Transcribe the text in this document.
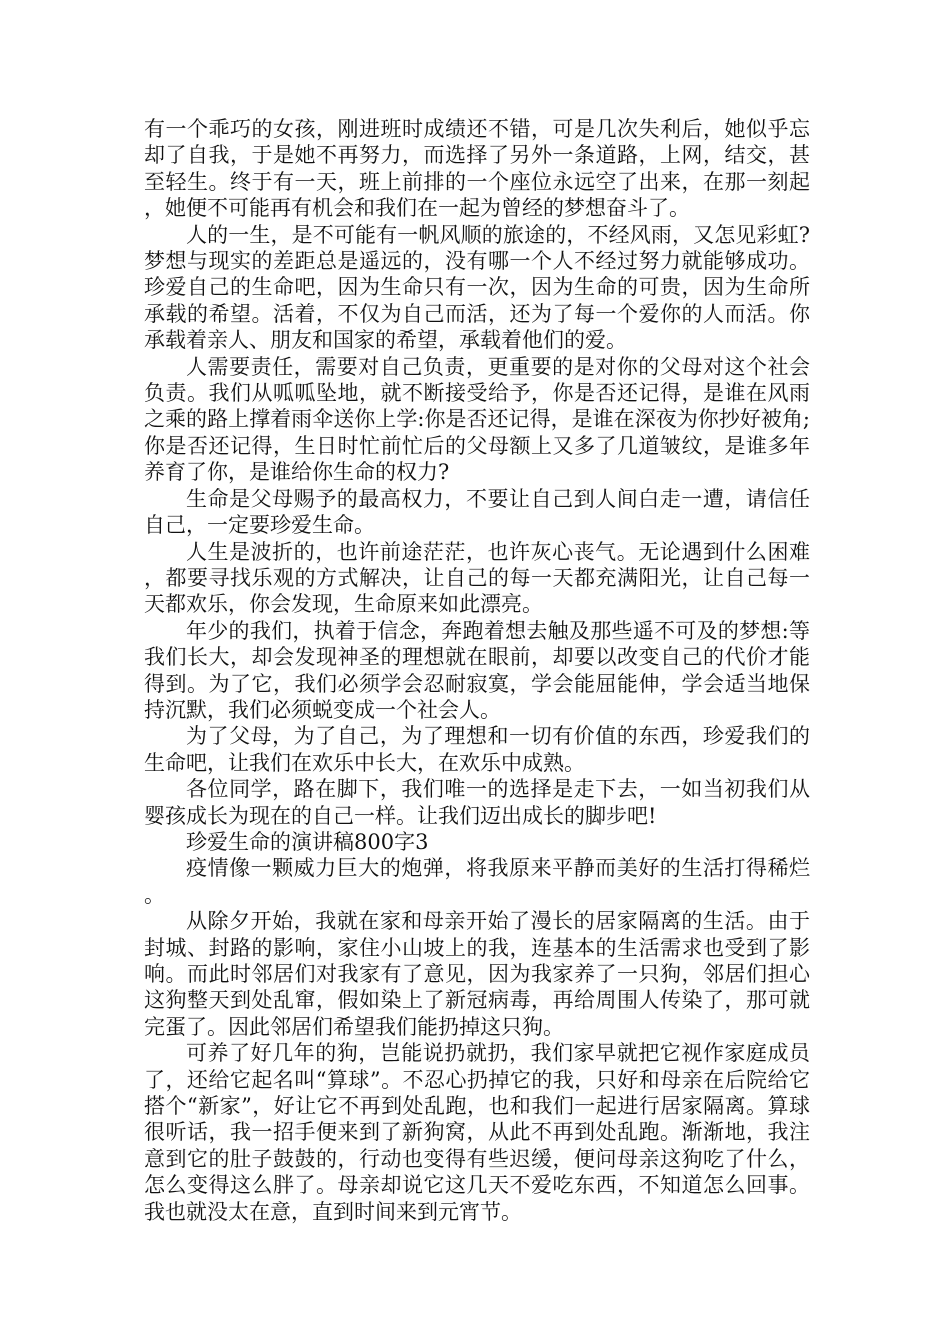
有一个乖巧的女孩，刚进班时成绩还不错，可是几次失利后，她似乎忘却了自我，于是她不再努力，而选择了另外一条道路，上网，结交，甚至轻生。终于有一天，班上前排的一个座位永远空了出来，在那一刻起，她便不可能再有机会和我们在一起为曾经的梦想奋斗了。

人的一生，是不可能有一帆风顺的旅途的，不经风雨，又怎见彩虹?梦想与现实的差距总是遥远的，没有哪一个人不经过努力就能够成功。珍爱自己的生命吧，因为生命只有一次，因为生命的可贵，因为生命所承载的希望。活着，不仅为自己而活，还为了每一个爱你的人而活。你承载着亲人、朋友和国家的希望，承载着他们的爱。

人需要责任，需要对自己负责，更重要的是对你的父母对这个社会负责。我们从呱呱坠地，就不断接受给予，你是否还记得，是谁在风雨之乘的路上撑着雨伞送你上学:你是否还记得，是谁在深夜为你抄好被角;你是否还记得，生日时忙前忙后的父母额上又多了几道皱纹，是谁多年养育了你，是谁给你生命的权力?

生命是父母赐予的最高权力，不要让自己到人间白走一遭，请信任自己，一定要珍爱生命。

人生是波折的，也许前途茫茫，也许灰心丧气。无论遇到什么困难，都要寻找乐观的方式解决，让自己的每一天都充满阳光，让自己每一天都欢乐，你会发现，生命原来如此漂亮。

年少的我们，执着于信念，奔跑着想去触及那些遥不可及的梦想:等我们长大，却会发现神圣的理想就在眼前，却要以改变自己的代价才能得到。为了它，我们必须学会忍耐寂寞，学会能屈能伸，学会适当地保持沉默，我们必须蜕变成一个社会人。

为了父母，为了自己，为了理想和一切有价值的东西，珍爱我们的 生命吧，让我们在欢乐中长大，在欢乐中成熟。

各位同学，路在脚下，我们唯一的选择是走下去，一如当初我们从婴孩成长为现在的自己一样。让我们迈出成长的脚步吧!

珍爱生命的演讲稿800字3

疫情像一颗威力巨大的炮弹，将我原来平静而美好的生活打得稀烂。

从除夕开始，我就在家和母亲开始了漫长的居家隔离的生活。由于封城、封路的影响，家住小山坡上的我，连基本的生活需求也受到了影响。而此时邻居们对我家有了意见，因为我家养了一只狗，邻居们担心这狗整天到处乱窜，假如染上了新冠病毒，再给周围人传染了，那可就完蛋了。因此邻居们希望我们能扔掉这只狗。

可养了好几年的狗，岂能说扔就扔，我们家早就把它视作家庭成员了，还给它起名叫“算球”。不忍心扔掉它的我，只好和母亲在后院给它搭个“新家”，好让它不再到处乱跑，也和我们一起进行居家隔离。算球很听话，我一招手便来到了新狗窝，从此不再到处乱跑。渐渐地，我注意到它的肚子鼓鼓的，行动也变得有些迟缓，便问母亲这狗吃了什么，怎么变得这么胖了。母亲却说它这几天不爱吃东西，不知道怎么回事。我也就没太在意，直到时间来到元宵节。
